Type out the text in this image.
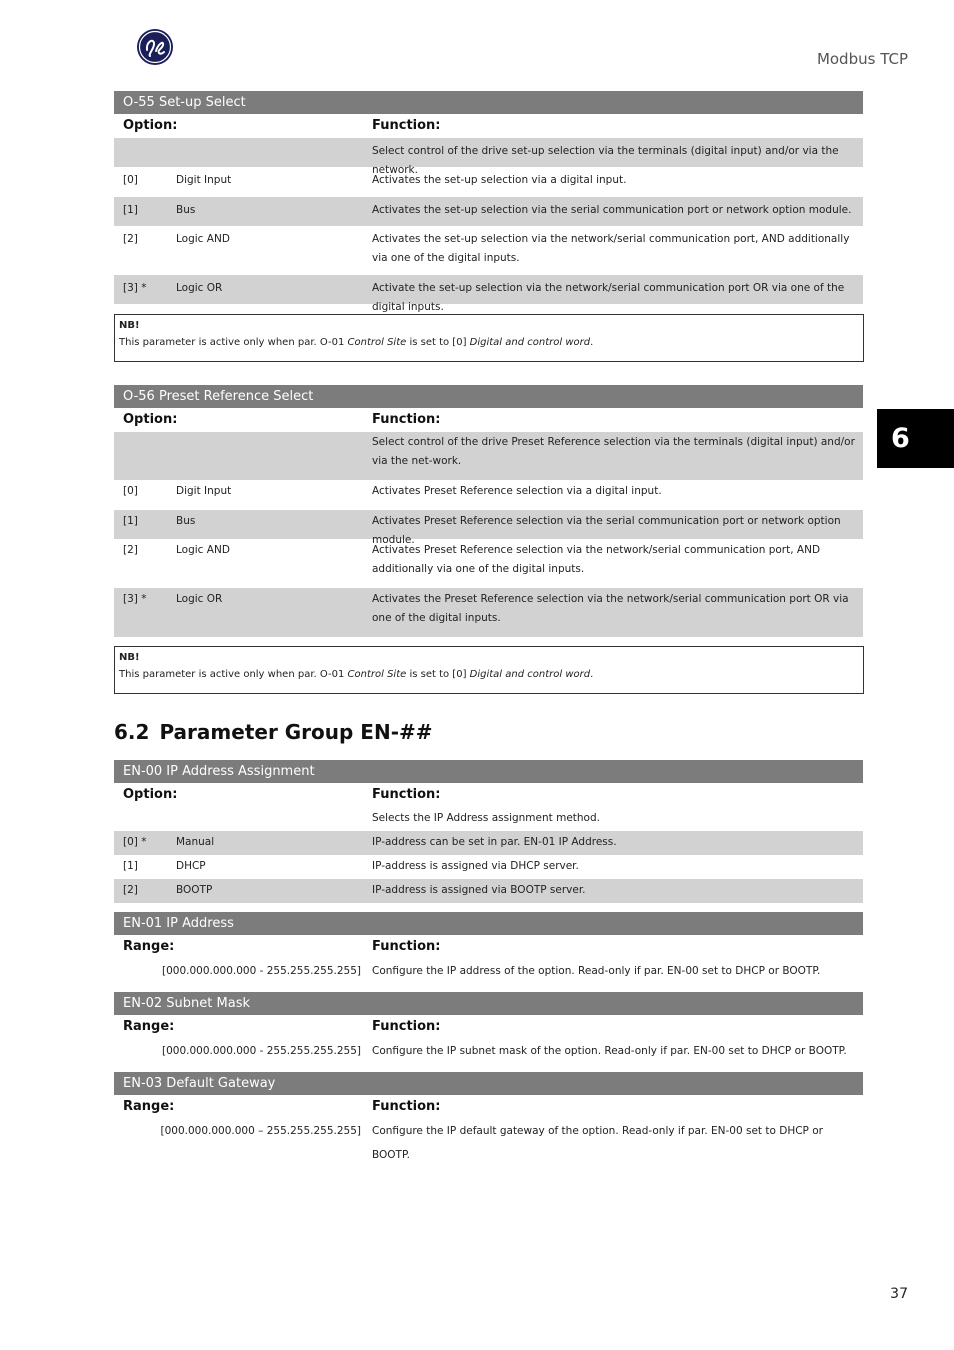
Modbus TCP
6
O-55 Set-up Select
Option:	Function:
Select control of the drive set-up selection via the terminals (digital input) and/or via the network.
[0]	Digit Input	Activates the set-up selection via a digital input.
[1]	Bus	Activates the set-up selection via the serial communication port or network option module.
[2]	Logic AND	Activates the set-up selection via the network/serial communication port, AND additionally via one of the digital inputs.
[3] *	Logic OR	Activate the set-up selection via the network/serial communication port OR via one of the digital inputs.
NB!
This parameter is active only when par. O-01 Control Site is set to [0] Digital and control word.
O-56 Preset Reference Select
Option:	Function:
Select control of the drive Preset Reference selection via the terminals (digital input) and/or via the net-work.
[0]	Digit Input	Activates Preset Reference selection via a digital input.
[1]	Bus	Activates Preset Reference selection via the serial communication port or network option module.
[2]	Logic AND	Activates Preset Reference selection via the network/serial communication port, AND additionally via one of the digital inputs.
[3] *	Logic OR	Activates the Preset Reference selection via the network/serial communication port OR via one of the digital inputs.
NB!
This parameter is active only when par. O-01 Control Site is set to [0] Digital and control word.
6.2 Parameter Group EN-##
EN-00 IP Address Assignment
Option:	Function:
Selects the IP Address assignment method.
[0] *	Manual	IP-address can be set in par. EN-01 IP Address.
[1]	DHCP	IP-address is assigned via DHCP server.
[2]	BOOTP	IP-address is assigned via BOOTP server.
EN-01 IP Address
Range:	Function:
[000.000.000.000 - 255.255.255.255]	Configure the IP address of the option. Read-only if par. EN-00 set to DHCP or BOOTP.
EN-02 Subnet Mask
Range:	Function:
[000.000.000.000 - 255.255.255.255]	Configure the IP subnet mask of the option. Read-only if par. EN-00 set to DHCP or BOOTP.
EN-03 Default Gateway
Range:	Function:
[000.000.000.000 – 255.255.255.255]	Configure the IP default gateway of the option. Read-only if par. EN-00 set to DHCP or BOOTP.
37
